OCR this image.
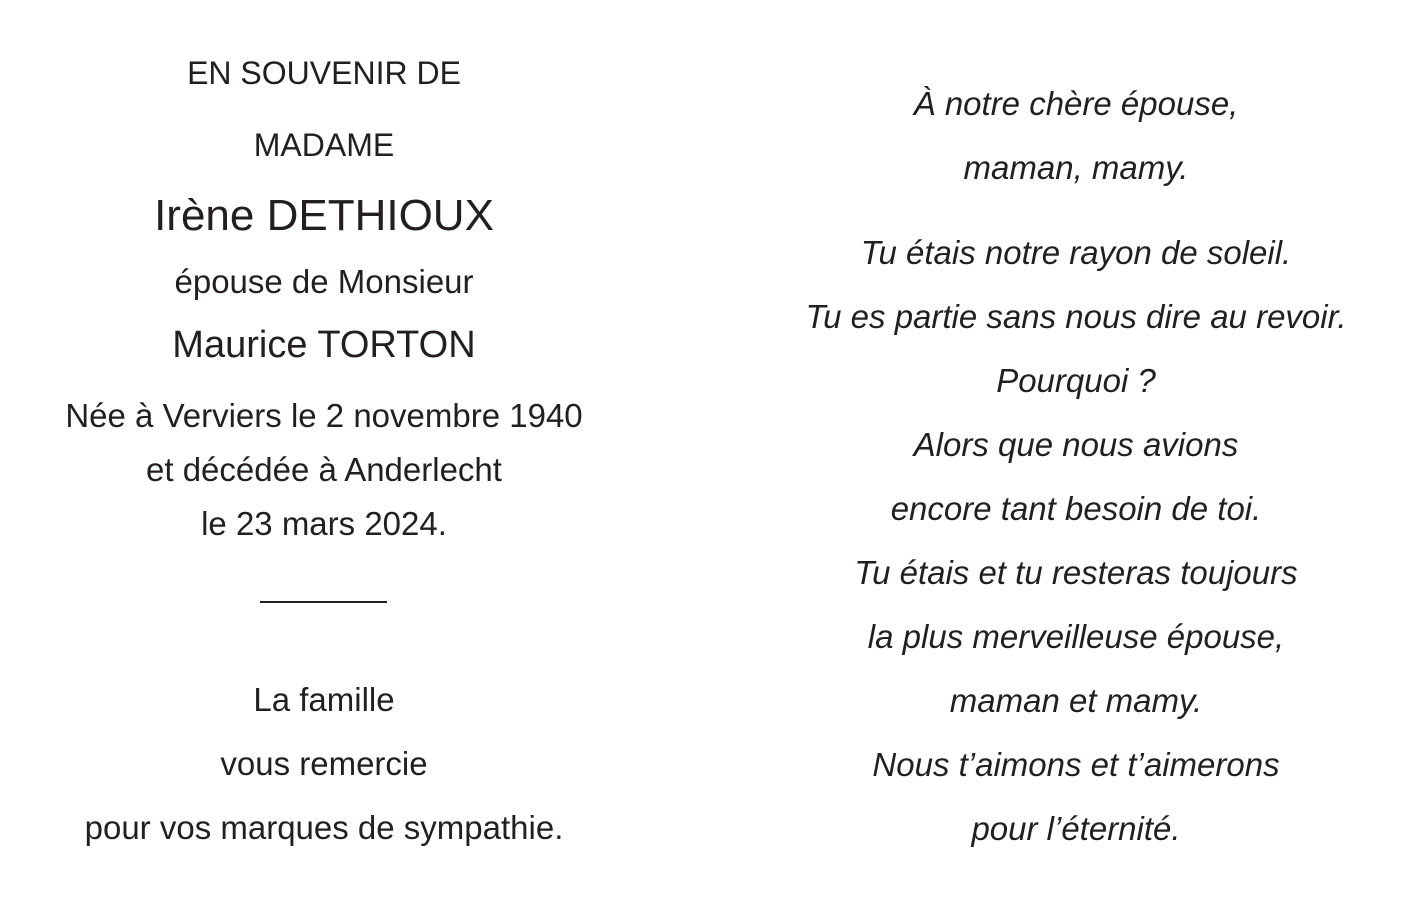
EN SOUVENIR DE
MADAME
Irène DETHIOUX
épouse de Monsieur
Maurice TORTON
Née à Verviers le 2 novembre 1940
et décédée à Anderlecht
le 23 mars 2024.
La famille
vous remercie
pour vos marques de sympathie.
À notre chère épouse,
maman, mamy.
Tu étais notre rayon de soleil.
Tu es partie sans nous dire au revoir.
Pourquoi ?
Alors que nous avions
encore tant besoin de toi.
Tu étais et tu resteras toujours
la plus merveilleuse épouse,
maman et mamy.
Nous t’aimons et t’aimerons
pour l’éternité.
